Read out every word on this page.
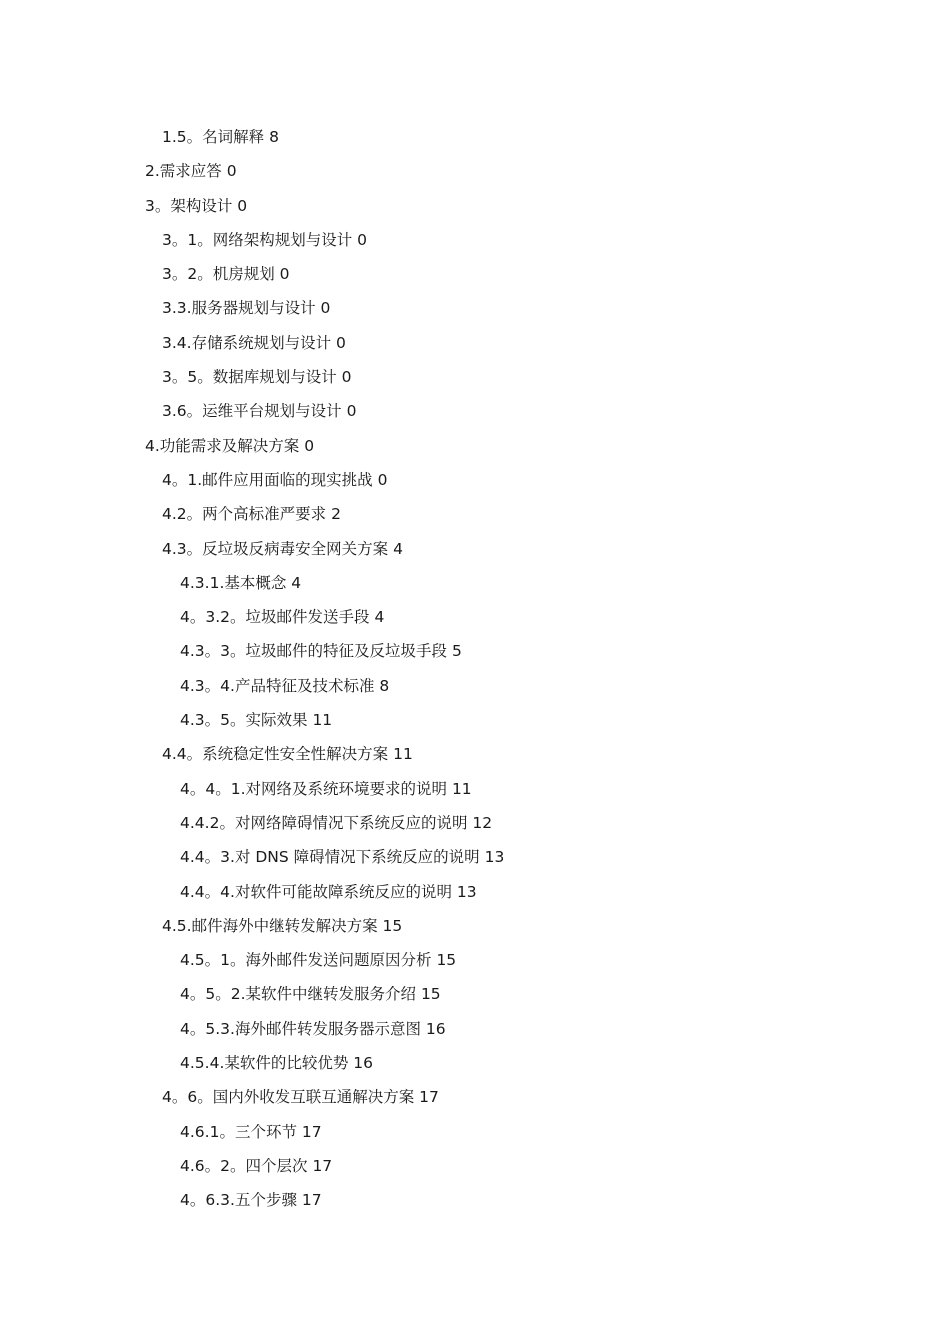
1.5。名词解释 8
2.需求应答 0
3。架构设计 0
3。1。网络架构规划与设计 0
3。2。机房规划 0
3.3.服务器规划与设计 0
3.4.存储系统规划与设计 0
3。5。数据库规划与设计 0
3.6。运维平台规划与设计 0
4.功能需求及解决方案 0
4。1.邮件应用面临的现实挑战 0
4.2。两个高标准严要求 2
4.3。反垃圾反病毒安全网关方案 4
4.3.1.基本概念 4
4。3.2。垃圾邮件发送手段 4
4.3。3。垃圾邮件的特征及反垃圾手段 5
4.3。4.产品特征及技术标准 8
4.3。5。实际效果 11
4.4。系统稳定性安全性解决方案 11
4。4。1.对网络及系统环境要求的说明 11
4.4.2。对网络障碍情况下系统反应的说明 12
4.4。3.对 DNS 障碍情况下系统反应的说明 13
4.4。4.对软件可能故障系统反应的说明 13
4.5.邮件海外中继转发解决方案 15
4.5。1。海外邮件发送问题原因分析 15
4。5。2.某软件中继转发服务介绍 15
4。5.3.海外邮件转发服务器示意图 16
4.5.4.某软件的比较优势 16
4。6。国内外收发互联互通解决方案 17
4.6.1。三个环节 17
4.6。2。四个层次 17
4。6.3.五个步骤 17
